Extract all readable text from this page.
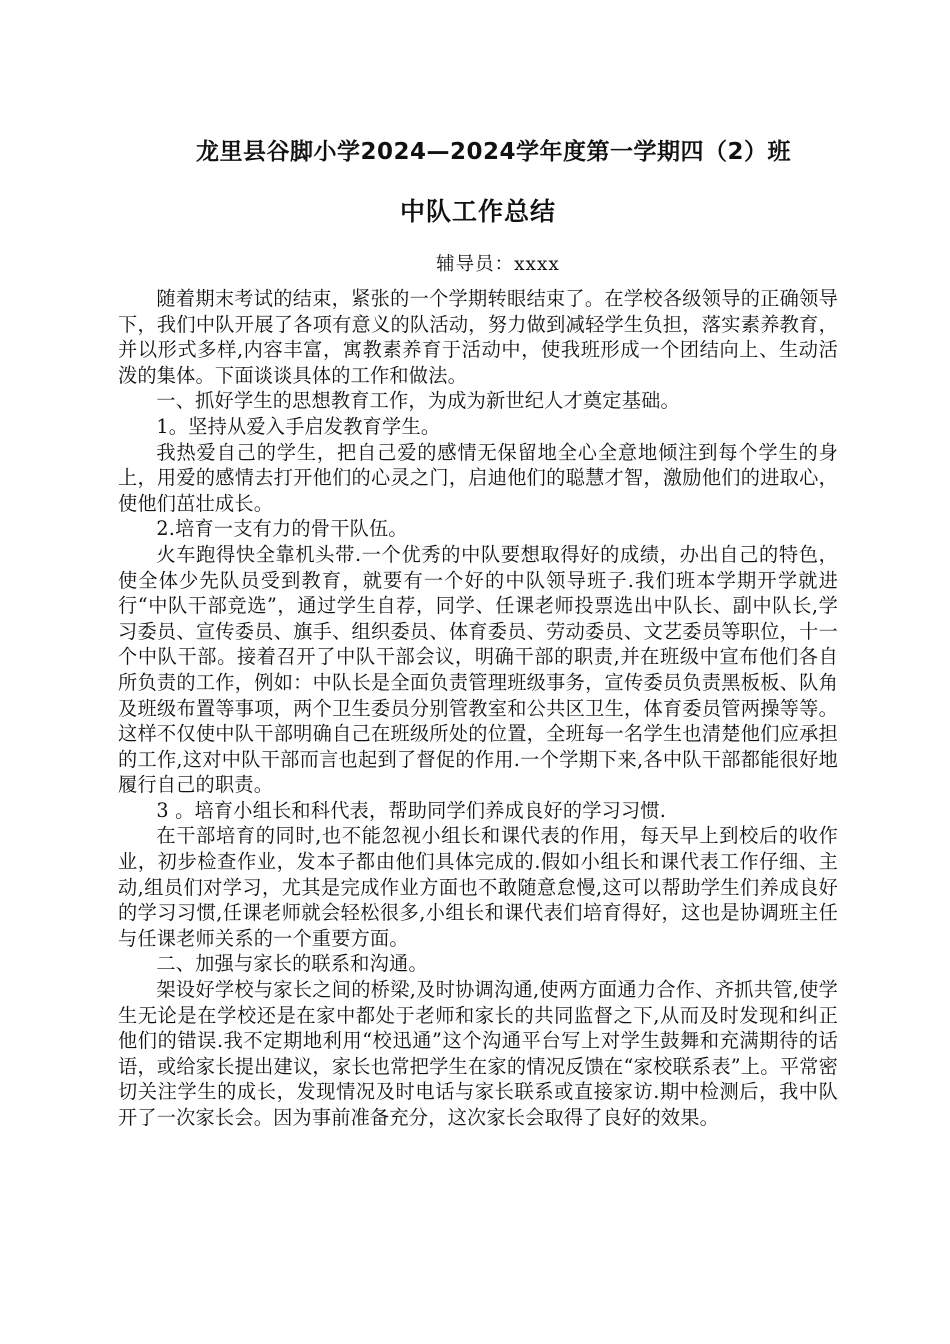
龙里县谷脚小学2024—2024学年度第一学期四（2）班
中队工作总结
辅导员：xxxx

随着期末考试的结束，紧张的一个学期转眼结束了。在学校各级领导的正确领导下，我们中队开展了各项有意义的队活动，努力做到减轻学生负担，落实素养教育，并以形式多样,内容丰富，寓教素养育于活动中，使我班形成一个团结向上、生动活泼的集体。下面谈谈具体的工作和做法。

一、抓好学生的思想教育工作，为成为新世纪人才奠定基础。

1。坚持从爱入手启发教育学生。

我热爱自己的学生，把自己爱的感情无保留地全心全意地倾注到每个学生的身上，用爱的感情去打开他们的心灵之门，启迪他们的聪慧才智，激励他们的进取心，使他们茁壮成长。

2.培育一支有力的骨干队伍。

火车跑得快全靠机头带.一个优秀的中队要想取得好的成绩，办出自己的特色，使全体少先队员受到教育，就要有一个好的中队领导班子.我们班本学期开学就进行“中队干部竞选”，通过学生自荐，同学、任课老师投票选出中队长、副中队长,学习委员、宣传委员、旗手、组织委员、体育委员、劳动委员、文艺委员等职位，十一个中队干部。接着召开了中队干部会议，明确干部的职责,并在班级中宣布他们各自所负责的工作，例如：中队长是全面负责管理班级事务，宣传委员负责黑板板、队角及班级布置等事项，两个卫生委员分别管教室和公共区卫生，体育委员管两操等等。这样不仅使中队干部明确自己在班级所处的位置，全班每一名学生也清楚他们应承担的工作,这对中队干部而言也起到了督促的作用.一个学期下来,各中队干部都能很好地履行自己的职责。

3 。培育小组长和科代表，帮助同学们养成良好的学习习惯.

在干部培育的同时,也不能忽视小组长和课代表的作用，每天早上到校后的收作业，初步检查作业，发本子都由他们具体完成的.假如小组长和课代表工作仔细、主动,组员们对学习，尤其是完成作业方面也不敢随意怠慢,这可以帮助学生们养成良好的学习习惯,任课老师就会轻松很多,小组长和课代表们培育得好，这也是协调班主任与任课老师关系的一个重要方面。

二、加强与家长的联系和沟通。

架设好学校与家长之间的桥梁,及时协调沟通,使两方面通力合作、齐抓共管,使学生无论是在学校还是在家中都处于老师和家长的共同监督之下,从而及时发现和纠正他们的错误.我不定期地利用“校迅通”这个沟通平台写上对学生鼓舞和充满期待的话语，或给家长提出建议，家长也常把学生在家的情况反馈在“家校联系表”上。平常密切关注学生的成长，发现情况及时电话与家长联系或直接家访.期中检测后，我中队开了一次家长会。因为事前准备充分，这次家长会取得了良好的效果。
